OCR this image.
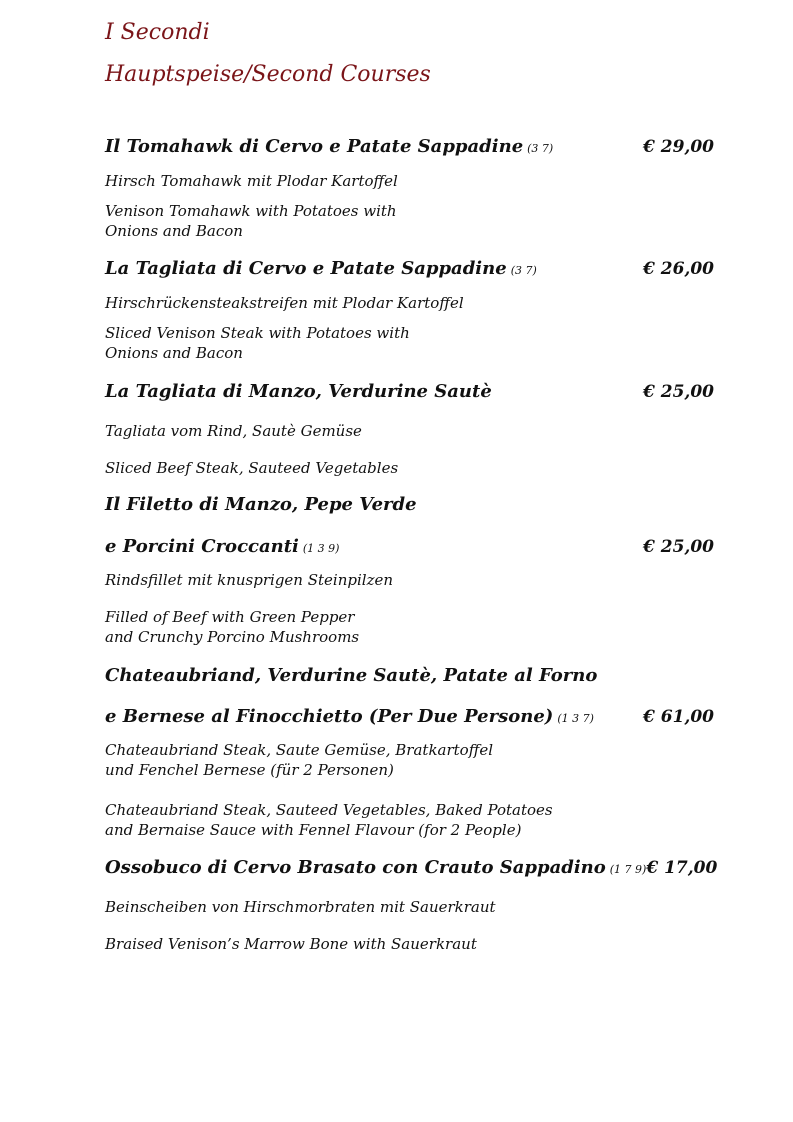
I Secondi
Hauptspeise/Second Courses
Il Tomahawk di Cervo e Patate Sappadine (3 7)	€ 29,00
Hirsch Tomahawk mit Plodar Kartoffel
Venison Tomahawk with Potatoes with
Onions and Bacon
La Tagliata di Cervo e Patate Sappadine (3 7)	€ 26,00
Hirschrückensteakstreifen mit Plodar Kartoffel
Sliced Venison Steak with Potatoes with
Onions and Bacon
La Tagliata di Manzo, Verdurine Sautè	€ 25,00
Tagliata vom Rind, Sautè Gemüse
Sliced Beef Steak, Sauteed Vegetables
Il Filetto di Manzo, Pepe Verde
e Porcini Croccanti (1 3 9)	€ 25,00
Rindsfillet mit knusprigen Steinpilzen
Filled of Beef with Green Pepper
and Crunchy Porcino Mushrooms
Chateaubriand, Verdurine Sautè, Patate al Forno
e Bernese al Finocchietto (Per Due Persone) (1 3 7)	€ 61,00
Chateaubriand Steak, Saute Gemüse, Bratkartoffel
und Fenchel Bernese (für 2 Personen)
Chateaubriand Steak, Sauteed Vegetables, Baked Potatoes
and Bernaise Sauce with Fennel Flavour (for 2 People)
Ossobuco di Cervo Brasato con Crauto Sappadino (1 7 9) € 17,00
Beinscheiben von Hirschmorbraten mit Sauerkraut
Braised Venison’s Marrow Bone with Sauerkraut
